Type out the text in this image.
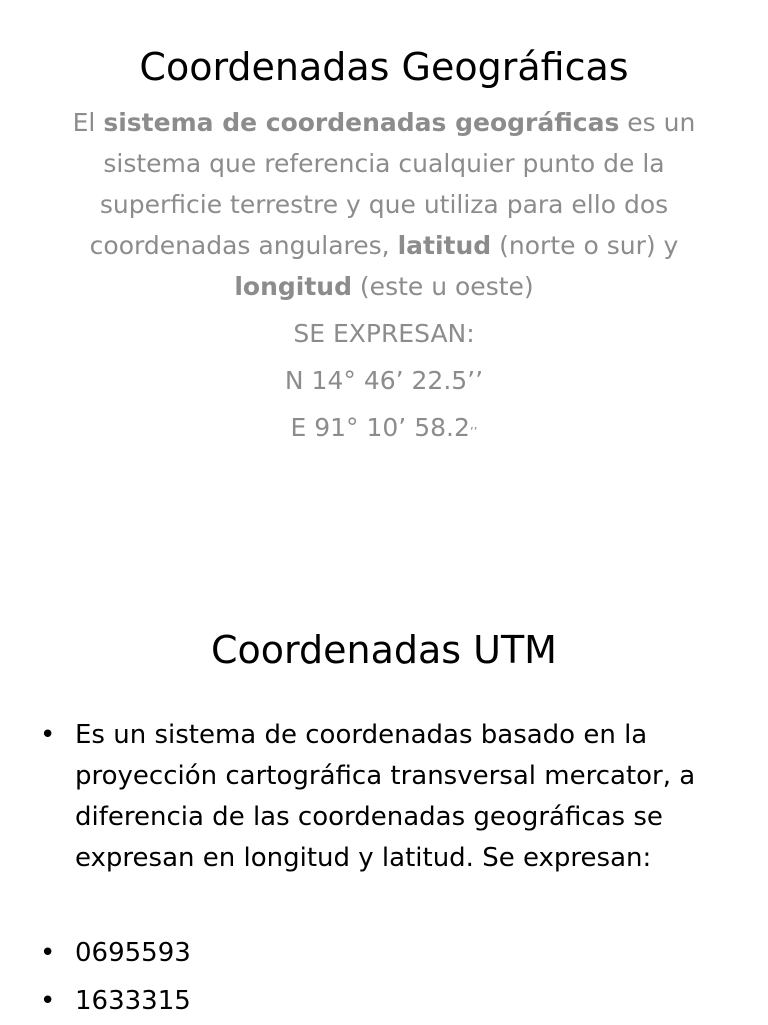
Coordenadas Geográficas

El sistema de coordenadas geográficas es un sistema que referencia cualquier punto de la superficie terrestre y que utiliza para ello dos coordenadas angulares, latitud (norte o sur) y longitud (este u oeste)

SE EXPRESAN:
N 14° 46’ 22.5’’
E 91° 10’ 58.2’’
Coordenadas UTM
• Es un sistema de coordenadas basado en la proyección cartográfica transversal mercator, a diferencia de las coordenadas geográficas se expresan en longitud y latitud. Se expresan:
• 0695593
• 1633315
